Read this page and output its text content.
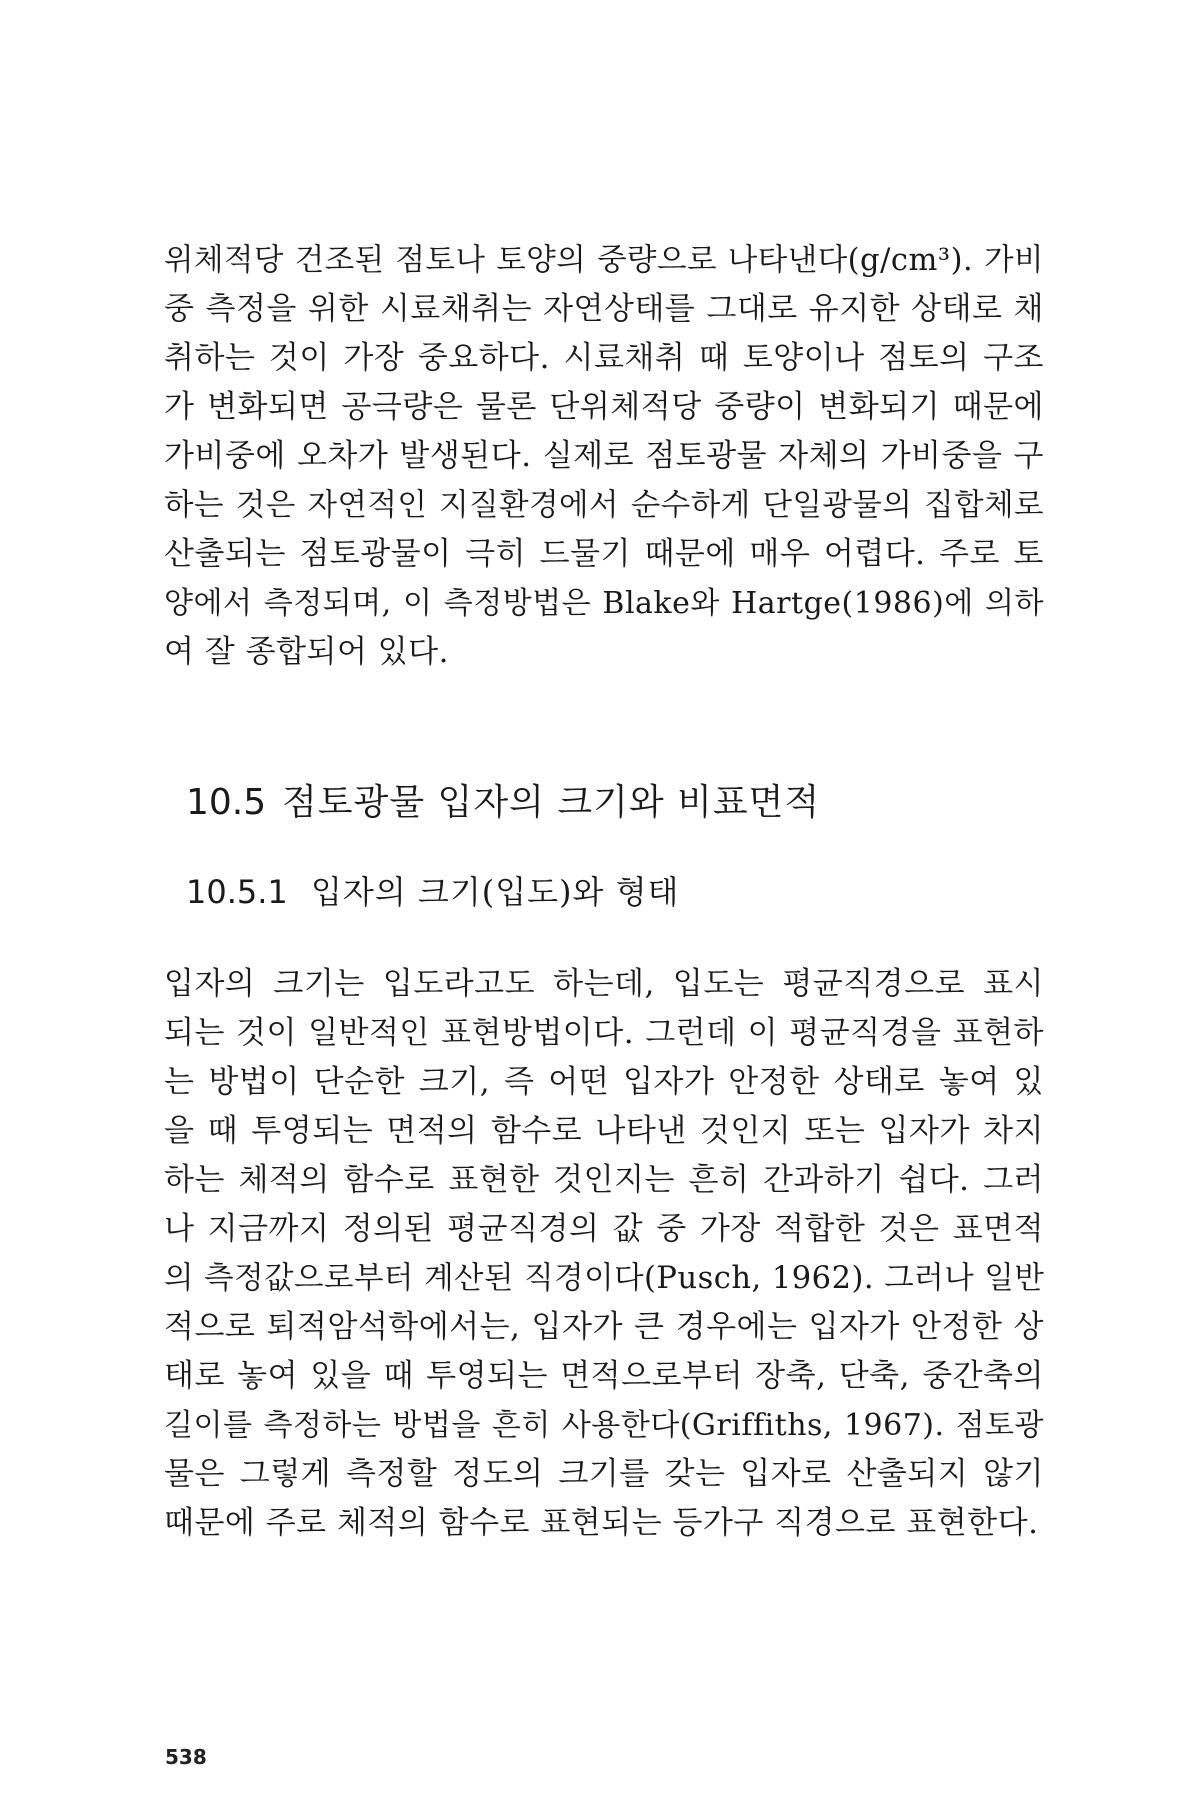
위체적당 건조된 점토나 토양의 중량으로 나타낸다(g/cm³). 가비
중 측정을 위한 시료채취는 자연상태를 그대로 유지한 상태로 채
취하는 것이 가장 중요하다. 시료채취 때 토양이나 점토의 구조
가 변화되면 공극량은 물론 단위체적당 중량이 변화되기 때문에
가비중에 오차가 발생된다. 실제로 점토광물 자체의 가비중을 구
하는 것은 자연적인 지질환경에서 순수하게 단일광물의 집합체로
산출되는 점토광물이 극히 드물기 때문에 매우 어렵다. 주로 토
양에서 측정되며, 이 측정방법은 Blake와 Hartge(1986)에 의하
여 잘 종합되어 있다.
10.5 점토광물 입자의 크기와 비표면적
10.5.1 입자의 크기(입도)와 형태
입자의 크기는 입도라고도 하는데, 입도는 평균직경으로 표시
되는 것이 일반적인 표현방법이다. 그런데 이 평균직경을 표현하
는 방법이 단순한 크기, 즉 어떤 입자가 안정한 상태로 놓여 있
을 때 투영되는 면적의 함수로 나타낸 것인지 또는 입자가 차지
하는 체적의 함수로 표현한 것인지는 흔히 간과하기 쉽다. 그러
나 지금까지 정의된 평균직경의 값 중 가장 적합한 것은 표면적
의 측정값으로부터 계산된 직경이다(Pusch, 1962). 그러나 일반
적으로 퇴적암석학에서는, 입자가 큰 경우에는 입자가 안정한 상
태로 놓여 있을 때 투영되는 면적으로부터 장축, 단축, 중간축의
길이를 측정하는 방법을 흔히 사용한다(Griffiths, 1967). 점토광
물은 그렇게 측정할 정도의 크기를 갖는 입자로 산출되지 않기
때문에 주로 체적의 함수로 표현되는 등가구 직경으로 표현한다.
538
